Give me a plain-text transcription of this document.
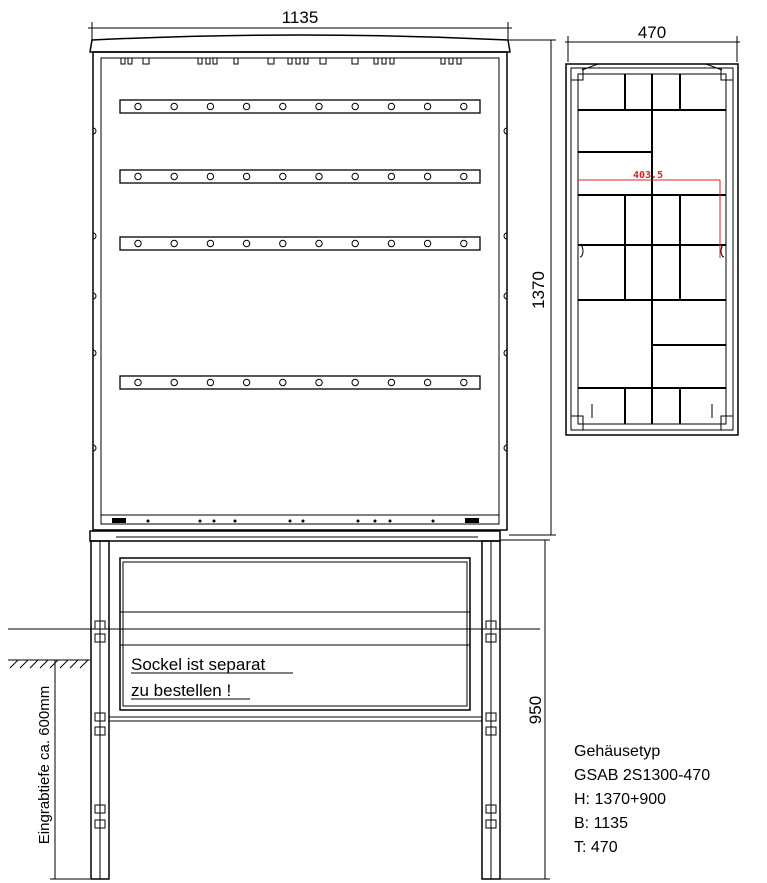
Sockel ist separat
zu bestellen !
1135
1370
950
Eingrabtiefe ca. 600mm
470
403.5
Gehäusetyp
GSAB 2S1300-470
H: 1370+900
B: 1135
T: 470
